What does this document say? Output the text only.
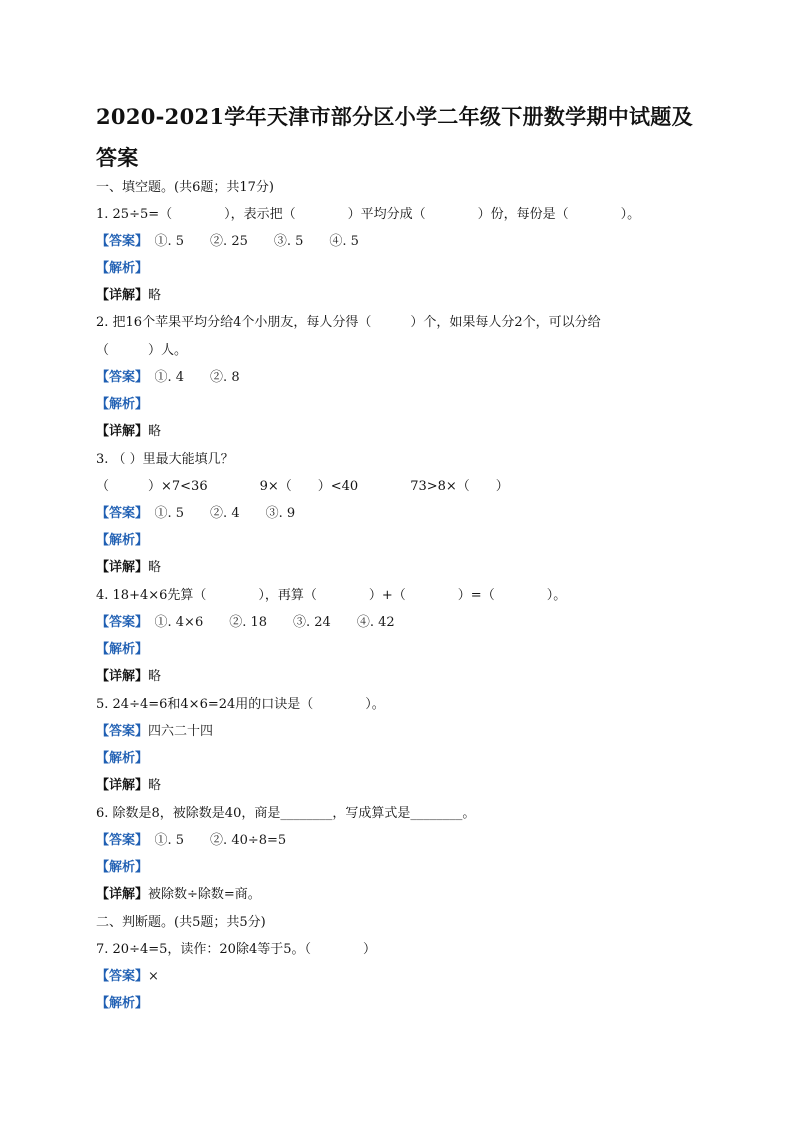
2020-2021学年天津市部分区小学二年级下册数学期中试题及答案
一、填空题。(共6题；共17分)
1. 25÷5=（　　　　），表示把（　　　　）平均分成（　　　　）份，每份是（　　　　）。
【答案】　①. 5　　②. 25　　③. 5　　④. 5
【解析】
【详解】略
2. 把16个苹果平均分给4个小朋友，每人分得（　　　）个，如果每人分2个，可以分给
（　　　）人。
【答案】　①. 4　　②. 8
【解析】
【详解】略
3. （ ）里最大能填几？
（　　　）×7<36　　　　9×（　　）<40　　　　73>8×（　　）
【答案】　①. 5　　②. 4　　③. 9
【解析】
【详解】略
4. 18+4×6先算（　　　　），再算（　　　　）+（　　　　）=（　　　　）。
【答案】　①. 4×6　　②. 18　　③. 24　　④. 42
【解析】
【详解】略
5. 24÷4=6和4×6=24用的口诀是（　　　　）。
【答案】四六二十四
【解析】
【详解】略
6. 除数是8，被除数是40，商是________，写成算式是________。
【答案】　①. 5　　②. 40÷8=5
【解析】
【详解】被除数÷除数=商。
二、判断题。(共5题；共5分)
7. 20÷4=5，读作：20除4等于5。（　　　　）
【答案】×
【解析】
